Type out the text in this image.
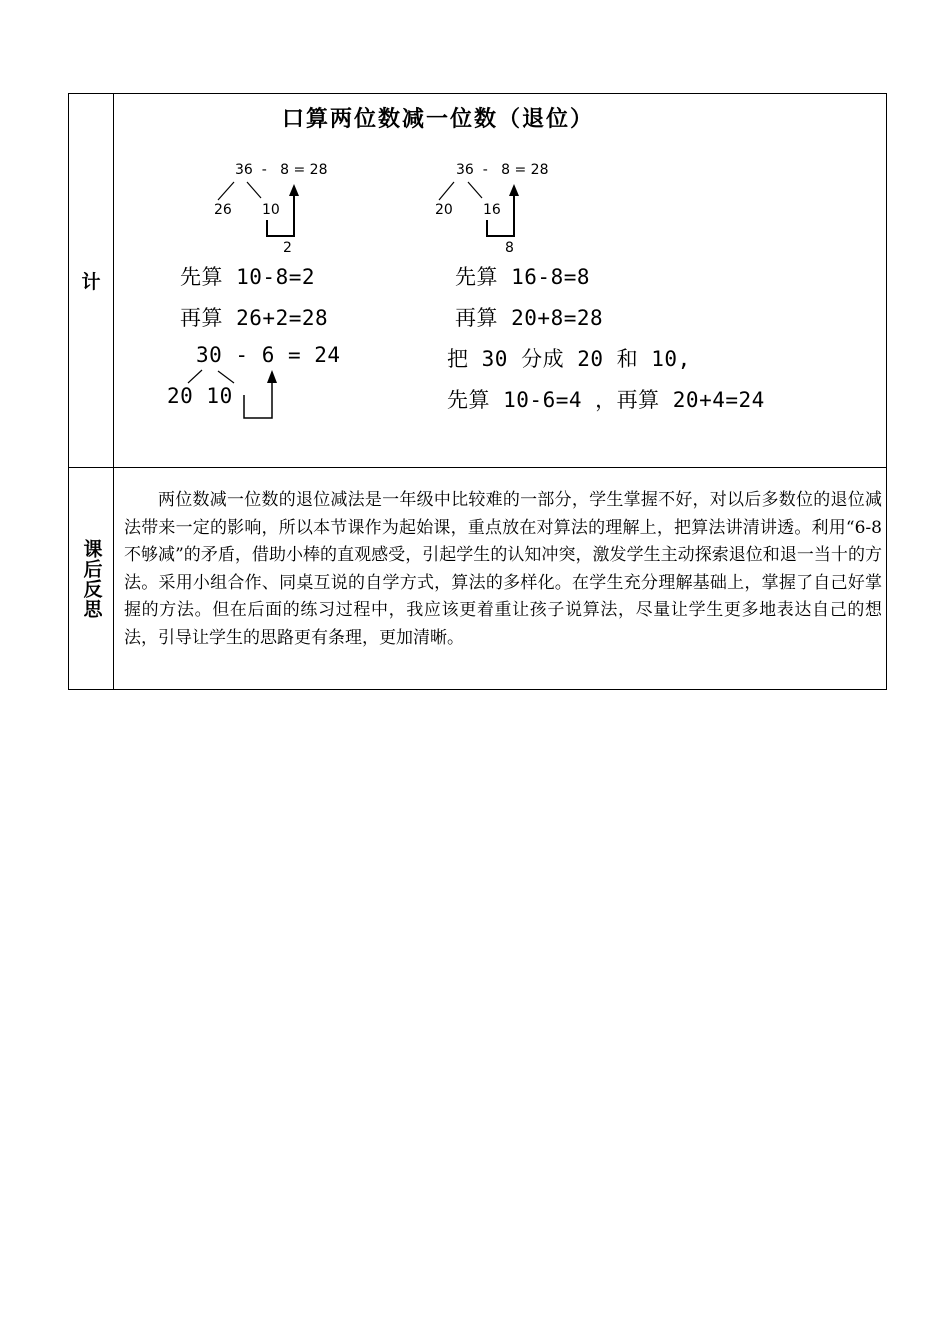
计
口算两位数减一位数（退位）
36  -   8 = 28
26 10
2
36  -   8 = 28
20 16
8
先算 10-8=2
再算 26+2=28
先算 16-8=8
再算 20+8=28
30 - 6 = 24
20 10
把 30 分成 20 和 10,
先算 10-6=4 ，再算 20+4=24
课后反思

两位数减一位数的退位减法是一年级中比较难的一部分，学生掌握不好，对以后多数位的退位减法带来一定的影响，所以本节课作为起始课，重点放在对算法的理解上，把算法讲清讲透。利用“6-8 不够减”的矛盾，借助小棒的直观感受，引起学生的认知冲突，激发学生主动探索退位和退一当十的方法。采用小组合作、同桌互说的自学方式，算法的多样化。在学生充分理解基础上，掌握了自己好掌握的方法。但在后面的练习过程中，我应该更着重让孩子说算法，尽量让学生更多地表达自己的想法，引导让学生的思路更有条理，更加清晰。
